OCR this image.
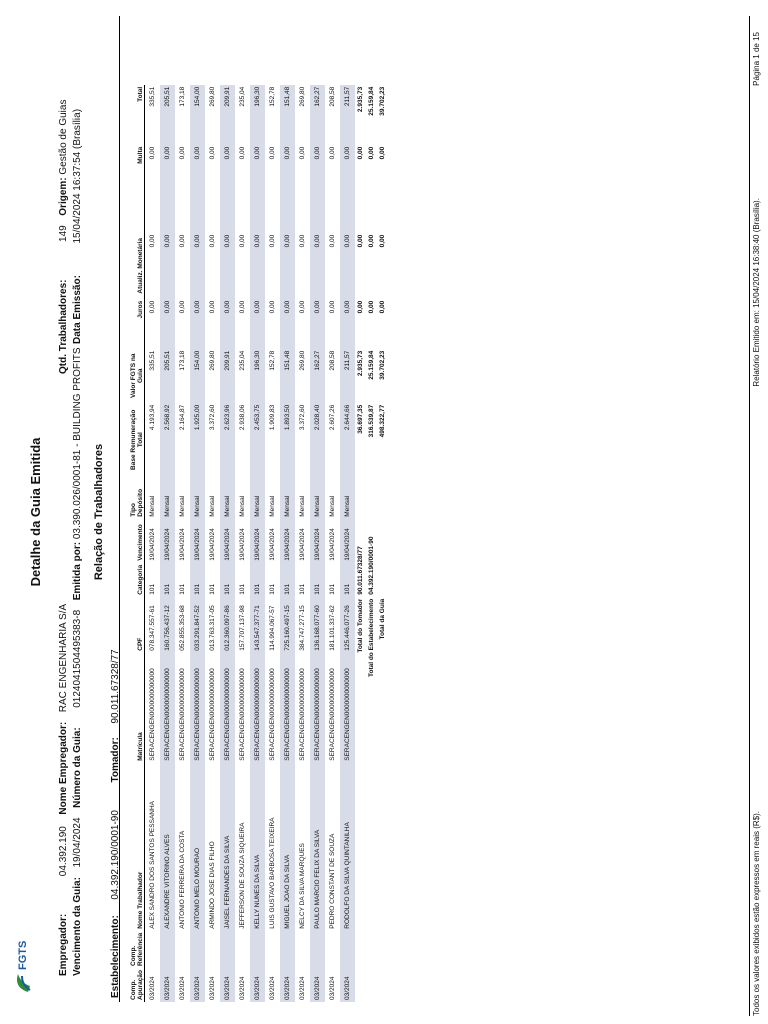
FGTS
Detalhe da Guia Emitida
Empregador:  04.392.190  Nome Empregador:  RAC ENGENHARIA S/A
Qtd. Trabalhadores:  149  Origem: Gestão de Guias
Vencimento da Guia:  19/04/2024  Número da Guia:  0124041504495383-8  Emitida por: 03.390.026/0001-81 - BUILDING PROFITS
Data Emissão:  15/04/2024 16:37:54 (Brasília)
Relação de Trabalhadores
Estabelecimento:  04.392.190/0001-90  Tomador:  90.011.67328/77
Comp. Apuração	Comp. Referência	Nome Trabalhador	Matrícula	CPF	Categoria	Vencimento	Tipo Depósito	Base Remuneração Total	Valor FGTS na Guia	Juros	Atualiz. Monetária	Multa	Total
03/2024		ALEX SANDRO DOS SANTOS PESSANHA	SERACENGEN0000000000000	078.347.557-61	101	19/04/2024	Mensal	4.193,94	335,51	0,00	0,00	0,00	335,51
03/2024		ALEXANDRE VITORINO ALVES	SERACENGEN0000000000000	160.756.437-12	101	19/04/2024	Mensal	2.568,92	205,51	0,00	0,00	0,00	205,51
03/2024		ANTONIO FERREIRA DA COSTA	SERACENGEN0000000000000	052.855.353-68	101	19/04/2024	Mensal	2.164,87	173,18	0,00	0,00	0,00	173,18
03/2024		ANTONIO MELO MOURAO	SERACENGEN0000000000000	033.291.847-52	101	19/04/2024	Mensal	1.925,00	154,00	0,00	0,00	0,00	154,00
03/2024		ARMINDO JOSE DIAS FILHO	SERACENGEN0000000000000	013.763.317-05	101	19/04/2024	Mensal	3.372,60	269,80	0,00	0,00	0,00	269,80
03/2024		JAISEL FERNANDES DA SILVA	SERACENGEN0000000000000	012.360.097-86	101	19/04/2024	Mensal	2.623,96	209,91	0,00	0,00	0,00	209,91
03/2024		JEFFERSON DE SOUZA SIQUEIRA	SERACENGEN0000000000000	157.707.137-98	101	19/04/2024	Mensal	2.938,06	235,04	0,00	0,00	0,00	235,04
03/2024		KELLY NUNES DA SILVA	SERACENGEN0000000000000	143.547.377-71	101	19/04/2024	Mensal	2.453,75	196,30	0,00	0,00	0,00	196,30
03/2024		LUIS GUSTAVO BARBOSA TEIXEIRA	SERACENGEN0000000000000	114.994.067-57	101	19/04/2024	Mensal	1.909,83	152,78	0,00	0,00	0,00	152,78
03/2024		MIGUEL JOAO DA SILVA	SERACENGEN0000000000000	725.160.497-15	101	19/04/2024	Mensal	1.893,50	151,48	0,00	0,00	0,00	151,48
03/2024		NELCY DA SILVA MARQUES	SERACENGEN0000000000000	384.747.277-15	101	19/04/2024	Mensal	3.372,60	269,80	0,00	0,00	0,00	269,80
03/2024		PAULO MARCIO FELIX DA SILVA	SERACENGEN0000000000000	136.168.077-60	101	19/04/2024	Mensal	2.028,40	162,27	0,00	0,00	0,00	162,27
03/2024		PEDRO CONSTANT DE SOUZA	SERACENGEN0000000000000	181.101.337-62	101	19/04/2024	Mensal	2.607,26	208,58	0,00	0,00	0,00	208,58
03/2024		RODOLFO DA SILVA QUINTANILHA	SERACENGEN0000000000000	125.446.077-26	101	19/04/2024	Mensal	2.644,66	211,57	0,00	0,00	0,00	211,57
			Total do Tomador		90.011.67328/77			36.697,35	2.935,73	0,00	0,00	0,00	2.935,73
			Total do Estabelecimento		04.392.190/0001-90			316.539,87	25.159,84	0,00	0,00	0,00	25.159,84
			Total da Guia					498.322,77	39.702,23	0,00	0,00	0,00	39.702,23
Todos os valores exibidos estão expressos em reais (R$).
Relatório Emitido em: 15/04/2024 16:38:40 (Brasília). Página 1 de 15
